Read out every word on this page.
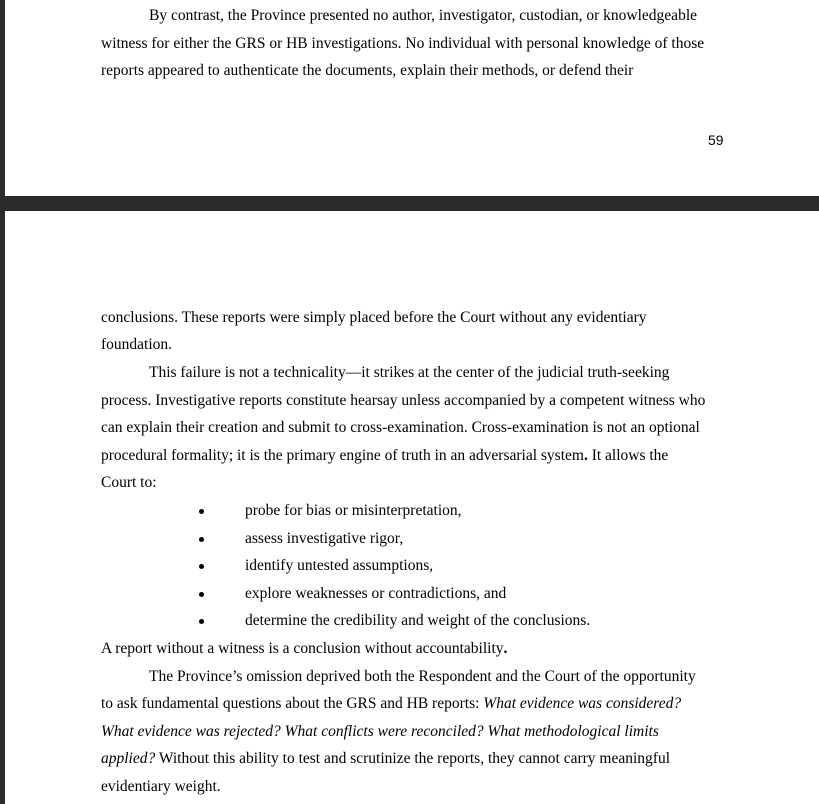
By contrast, the Province presented no author, investigator, custodian, or knowledgeable

witness for either the GRS or HB investigations. No individual with personal knowledge of those

reports appeared to authenticate the documents, explain their methods, or defend their

59

conclusions. These reports were simply placed before the Court without any evidentiary

foundation.

This failure is not a technicality—it strikes at the center of the judicial truth-seeking

process. Investigative reports constitute hearsay unless accompanied by a competent witness who

can explain their creation and submit to cross-examination. Cross-examination is not an optional

procedural formality; it is the primary engine of truth in an adversarial system. It allows the

Court to:

probe for bias or misinterpretation,

assess investigative rigor,

identify untested assumptions,

explore weaknesses or contradictions, and

determine the credibility and weight of the conclusions.

A report without a witness is a conclusion without accountability.

The Province’s omission deprived both the Respondent and the Court of the opportunity

to ask fundamental questions about the GRS and HB reports: What evidence was considered?

What evidence was rejected? What conflicts were reconciled? What methodological limits

applied? Without this ability to test and scrutinize the reports, they cannot carry meaningful

evidentiary weight.
